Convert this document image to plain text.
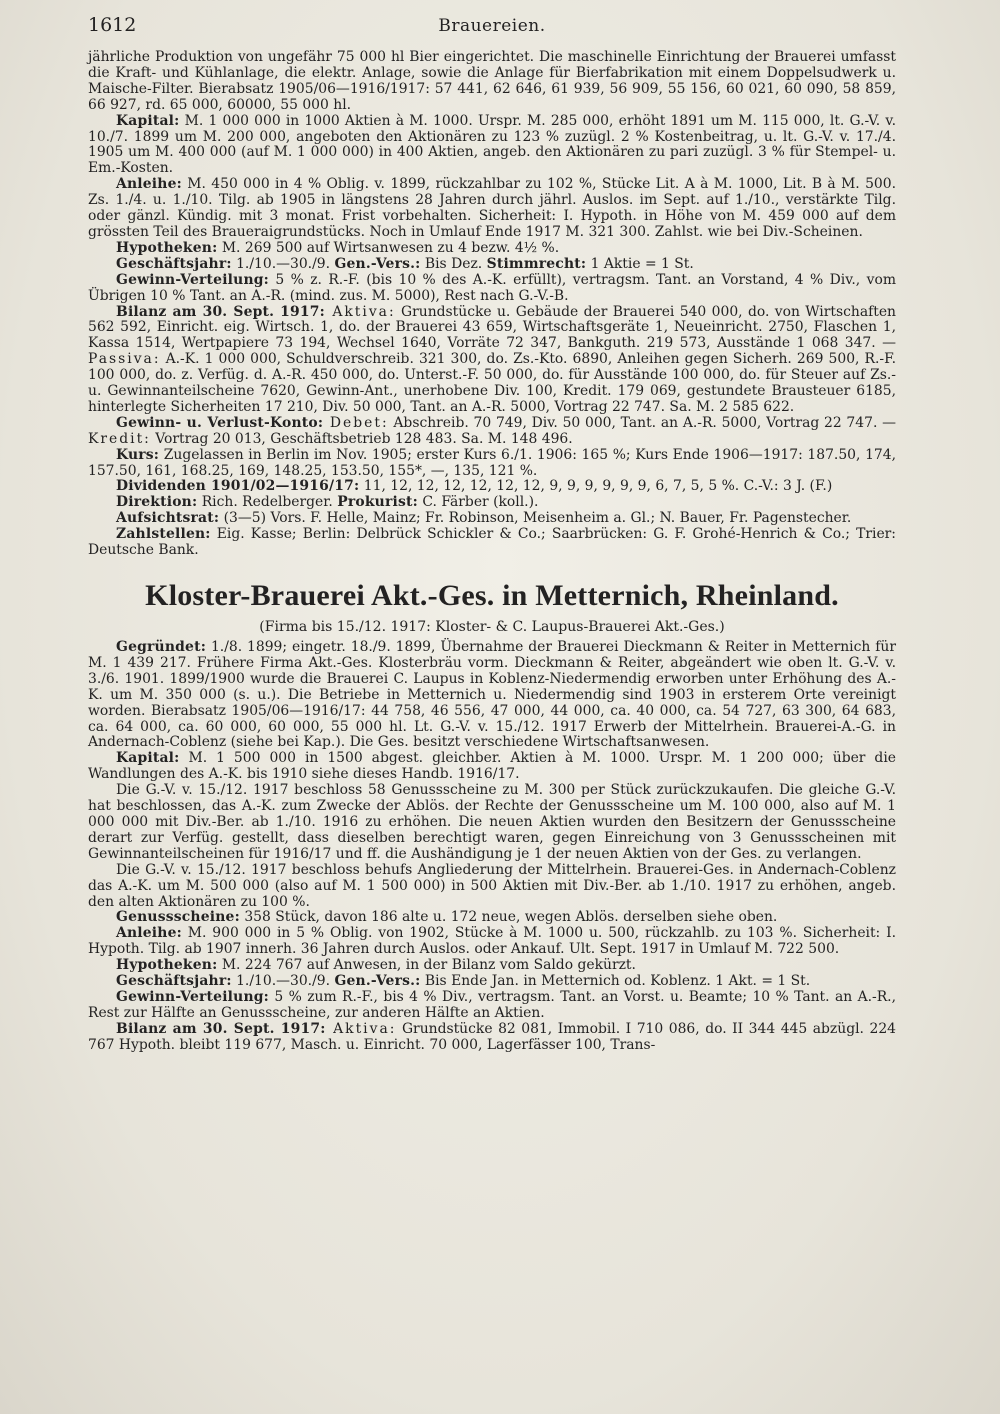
1612	Brauereien.

jährliche Produktion von ungefähr 75 000 hl Bier eingerichtet. Die maschinelle Einrichtung der Brauerei umfasst die Kraft- und Kühlanlage, die elektr. Anlage, sowie die Anlage für Bierfabrikation mit einem Doppelsudwerk u. Maische-Filter. Bierabsatz 1905/06—1916/1917: 57 441, 62 646, 61 939, 56 909, 55 156, 60 021, 60 090, 58 859, 66 927, rd. 65 000, 60000, 55 000 hl.

Kapital: M. 1 000 000 in 1000 Aktien à M. 1000. Urspr. M. 285 000, erhöht 1891 um M. 115 000, lt. G.-V. v. 10./7. 1899 um M. 200 000, angeboten den Aktionären zu 123 % zuzügl. 2 % Kostenbeitrag, u. lt. G.-V. v. 17./4. 1905 um M. 400 000 (auf M. 1 000 000) in 400 Aktien, angeb. den Aktionären zu pari zuzügl. 3 % für Stempel- u. Em.-Kosten.

Anleihe: M. 450 000 in 4 % Oblig. v. 1899, rückzahlbar zu 102 %, Stücke Lit. A à M. 1000, Lit. B à M. 500. Zs. 1./4. u. 1./10. Tilg. ab 1905 in längstens 28 Jahren durch jährl. Auslos. im Sept. auf 1./10., verstärkte Tilg. oder gänzl. Kündig. mit 3 monat. Frist vorbehalten. Sicherheit: I. Hypoth. in Höhe von M. 459 000 auf dem grössten Teil des Braueraigrundstücks. Noch in Umlauf Ende 1917 M. 321 300. Zahlst. wie bei Div.-Scheinen.

Hypotheken: M. 269 500 auf Wirtsanwesen zu 4 bezw. 4½ %.

Geschäftsjahr: 1./10.—30./9. Gen.-Vers.: Bis Dez. Stimmrecht: 1 Aktie = 1 St.

Gewinn-Verteilung: 5 % z. R.-F. (bis 10 % des A.-K. erfüllt), vertragsm. Tant. an Vorstand, 4 % Div., vom Übrigen 10 % Tant. an A.-R. (mind. zus. M. 5000), Rest nach G.-V.-B.

Bilanz am 30. Sept. 1917: Aktiva: Grundstücke u. Gebäude der Brauerei 540 000, do. von Wirtschaften 562 592, Einricht. eig. Wirtsch. 1, do. der Brauerei 43 659, Wirtschaftsgeräte 1, Neueinricht. 2750, Flaschen 1, Kassa 1514, Wertpapiere 73 194, Wechsel 1640, Vorräte 72 347, Bankguth. 219 573, Ausstände 1 068 347. — Passiva: A.-K. 1 000 000, Schuldverschreib. 321 300, do. Zs.-Kto. 6890, Anleihen gegen Sicherh. 269 500, R.-F. 100 000, do. z. Verfüg. d. A.-R. 450 000, do. Unterst.-F. 50 000, do. für Ausstände 100 000, do. für Steuer auf Zs.- u. Gewinnanteilscheine 7620, Gewinn-Ant., unerhobene Div. 100, Kredit. 179 069, gestundete Brausteuer 6185, hinterlegte Sicherheiten 17 210, Div. 50 000, Tant. an A.-R. 5000, Vortrag 22 747. Sa. M. 2 585 622.

Gewinn- u. Verlust-Konto: Debet: Abschreib. 70 749, Div. 50 000, Tant. an A.-R. 5000, Vortrag 22 747. — Kredit: Vortrag 20 013, Geschäftsbetrieb 128 483. Sa. M. 148 496.

Kurs: Zugelassen in Berlin im Nov. 1905; erster Kurs 6./1. 1906: 165 %; Kurs Ende 1906—1917: 187.50, 174, 157.50, 161, 168.25, 169, 148.25, 153.50, 155*, —, 135, 121 %.

Dividenden 1901/02—1916/17: 11, 12, 12, 12, 12, 12, 12, 9, 9, 9, 9, 9, 9, 6, 7, 5, 5 %. C.-V.: 3 J. (F.)

Direktion: Rich. Redelberger. Prokurist: C. Färber (koll.).

Aufsichtsrat: (3—5) Vors. F. Helle, Mainz; Fr. Robinson, Meisenheim a. Gl.; N. Bauer, Fr. Pagenstecher.

Zahlstellen: Eig. Kasse; Berlin: Delbrück Schickler & Co.; Saarbrücken: G. F. Grohé-Henrich & Co.; Trier: Deutsche Bank.

Kloster-Brauerei Akt.-Ges. in Metternich, Rheinland.
(Firma bis 15./12. 1917: Kloster- & C. Laupus-Brauerei Akt.-Ges.)

Gegründet: 1./8. 1899; eingetr. 18./9. 1899, Übernahme der Brauerei Dieckmann & Reiter in Metternich für M. 1 439 217. Frühere Firma Akt.-Ges. Klosterbräu vorm. Dieckmann & Reiter, abgeändert wie oben lt. G.-V. v. 3./6. 1901. 1899/1900 wurde die Brauerei C. Laupus in Koblenz-Niedermendig erworben unter Erhöhung des A.-K. um M. 350 000 (s. u.). Die Betriebe in Metternich u. Niedermendig sind 1903 in ersterem Orte vereinigt worden. Bierabsatz 1905/06—1916/17: 44 758, 46 556, 47 000, 44 000, ca. 40 000, ca. 54 727, 63 300, 64 683, ca. 64 000, ca. 60 000, 60 000, 55 000 hl. Lt. G.-V. v. 15./12. 1917 Erwerb der Mittelrhein. Brauerei-A.-G. in Andernach-Coblenz (siehe bei Kap.). Die Ges. besitzt verschiedene Wirtschaftsanwesen.

Kapital: M. 1 500 000 in 1500 abgest. gleichber. Aktien à M. 1000. Urspr. M. 1 200 000; über die Wandlungen des A.-K. bis 1910 siehe dieses Handb. 1916/17.

Die G.-V. v. 15./12. 1917 beschloss 58 Genussscheine zu M. 300 per Stück zurückzukaufen. Die gleiche G.-V. hat beschlossen, das A.-K. zum Zwecke der Ablös. der Rechte der Genussscheine um M. 100 000, also auf M. 1 000 000 mit Div.-Ber. ab 1./10. 1916 zu erhöhen. Die neuen Aktien wurden den Besitzern der Genussscheine derart zur Verfüg. gestellt, dass dieselben berechtigt waren, gegen Einreichung von 3 Genussscheinen mit Gewinnanteilscheinen für 1916/17 und ff. die Aushändigung je 1 der neuen Aktien von der Ges. zu verlangen.

Die G.-V. v. 15./12. 1917 beschloss behufs Angliederung der Mittelrhein. Brauerei-Ges. in Andernach-Coblenz das A.-K. um M. 500 000 (also auf M. 1 500 000) in 500 Aktien mit Div.-Ber. ab 1./10. 1917 zu erhöhen, angeb. den alten Aktionären zu 100 %.

Genussscheine: 358 Stück, davon 186 alte u. 172 neue, wegen Ablös. derselben siehe oben.

Anleihe: M. 900 000 in 5 % Oblig. von 1902, Stücke à M. 1000 u. 500, rückzahlb. zu 103 %. Sicherheit: I. Hypoth. Tilg. ab 1907 innerh. 36 Jahren durch Auslos. oder Ankauf. Ult. Sept. 1917 in Umlauf M. 722 500.

Hypotheken: M. 224 767 auf Anwesen, in der Bilanz vom Saldo gekürzt.

Geschäftsjahr: 1./10.—30./9. Gen.-Vers.: Bis Ende Jan. in Metternich od. Koblenz. 1 Akt. = 1 St.

Gewinn-Verteilung: 5 % zum R.-F., bis 4 % Div., vertragsm. Tant. an Vorst. u. Beamte; 10 % Tant. an A.-R., Rest zur Hälfte an Genussscheine, zur anderen Hälfte an Aktien.

Bilanz am 30. Sept. 1917: Aktiva: Grundstücke 82 081, Immobil. I 710 086, do. II 344 445 abzügl. 224 767 Hypoth. bleibt 119 677, Masch. u. Einricht. 70 000, Lagerfässer 100, Trans-
